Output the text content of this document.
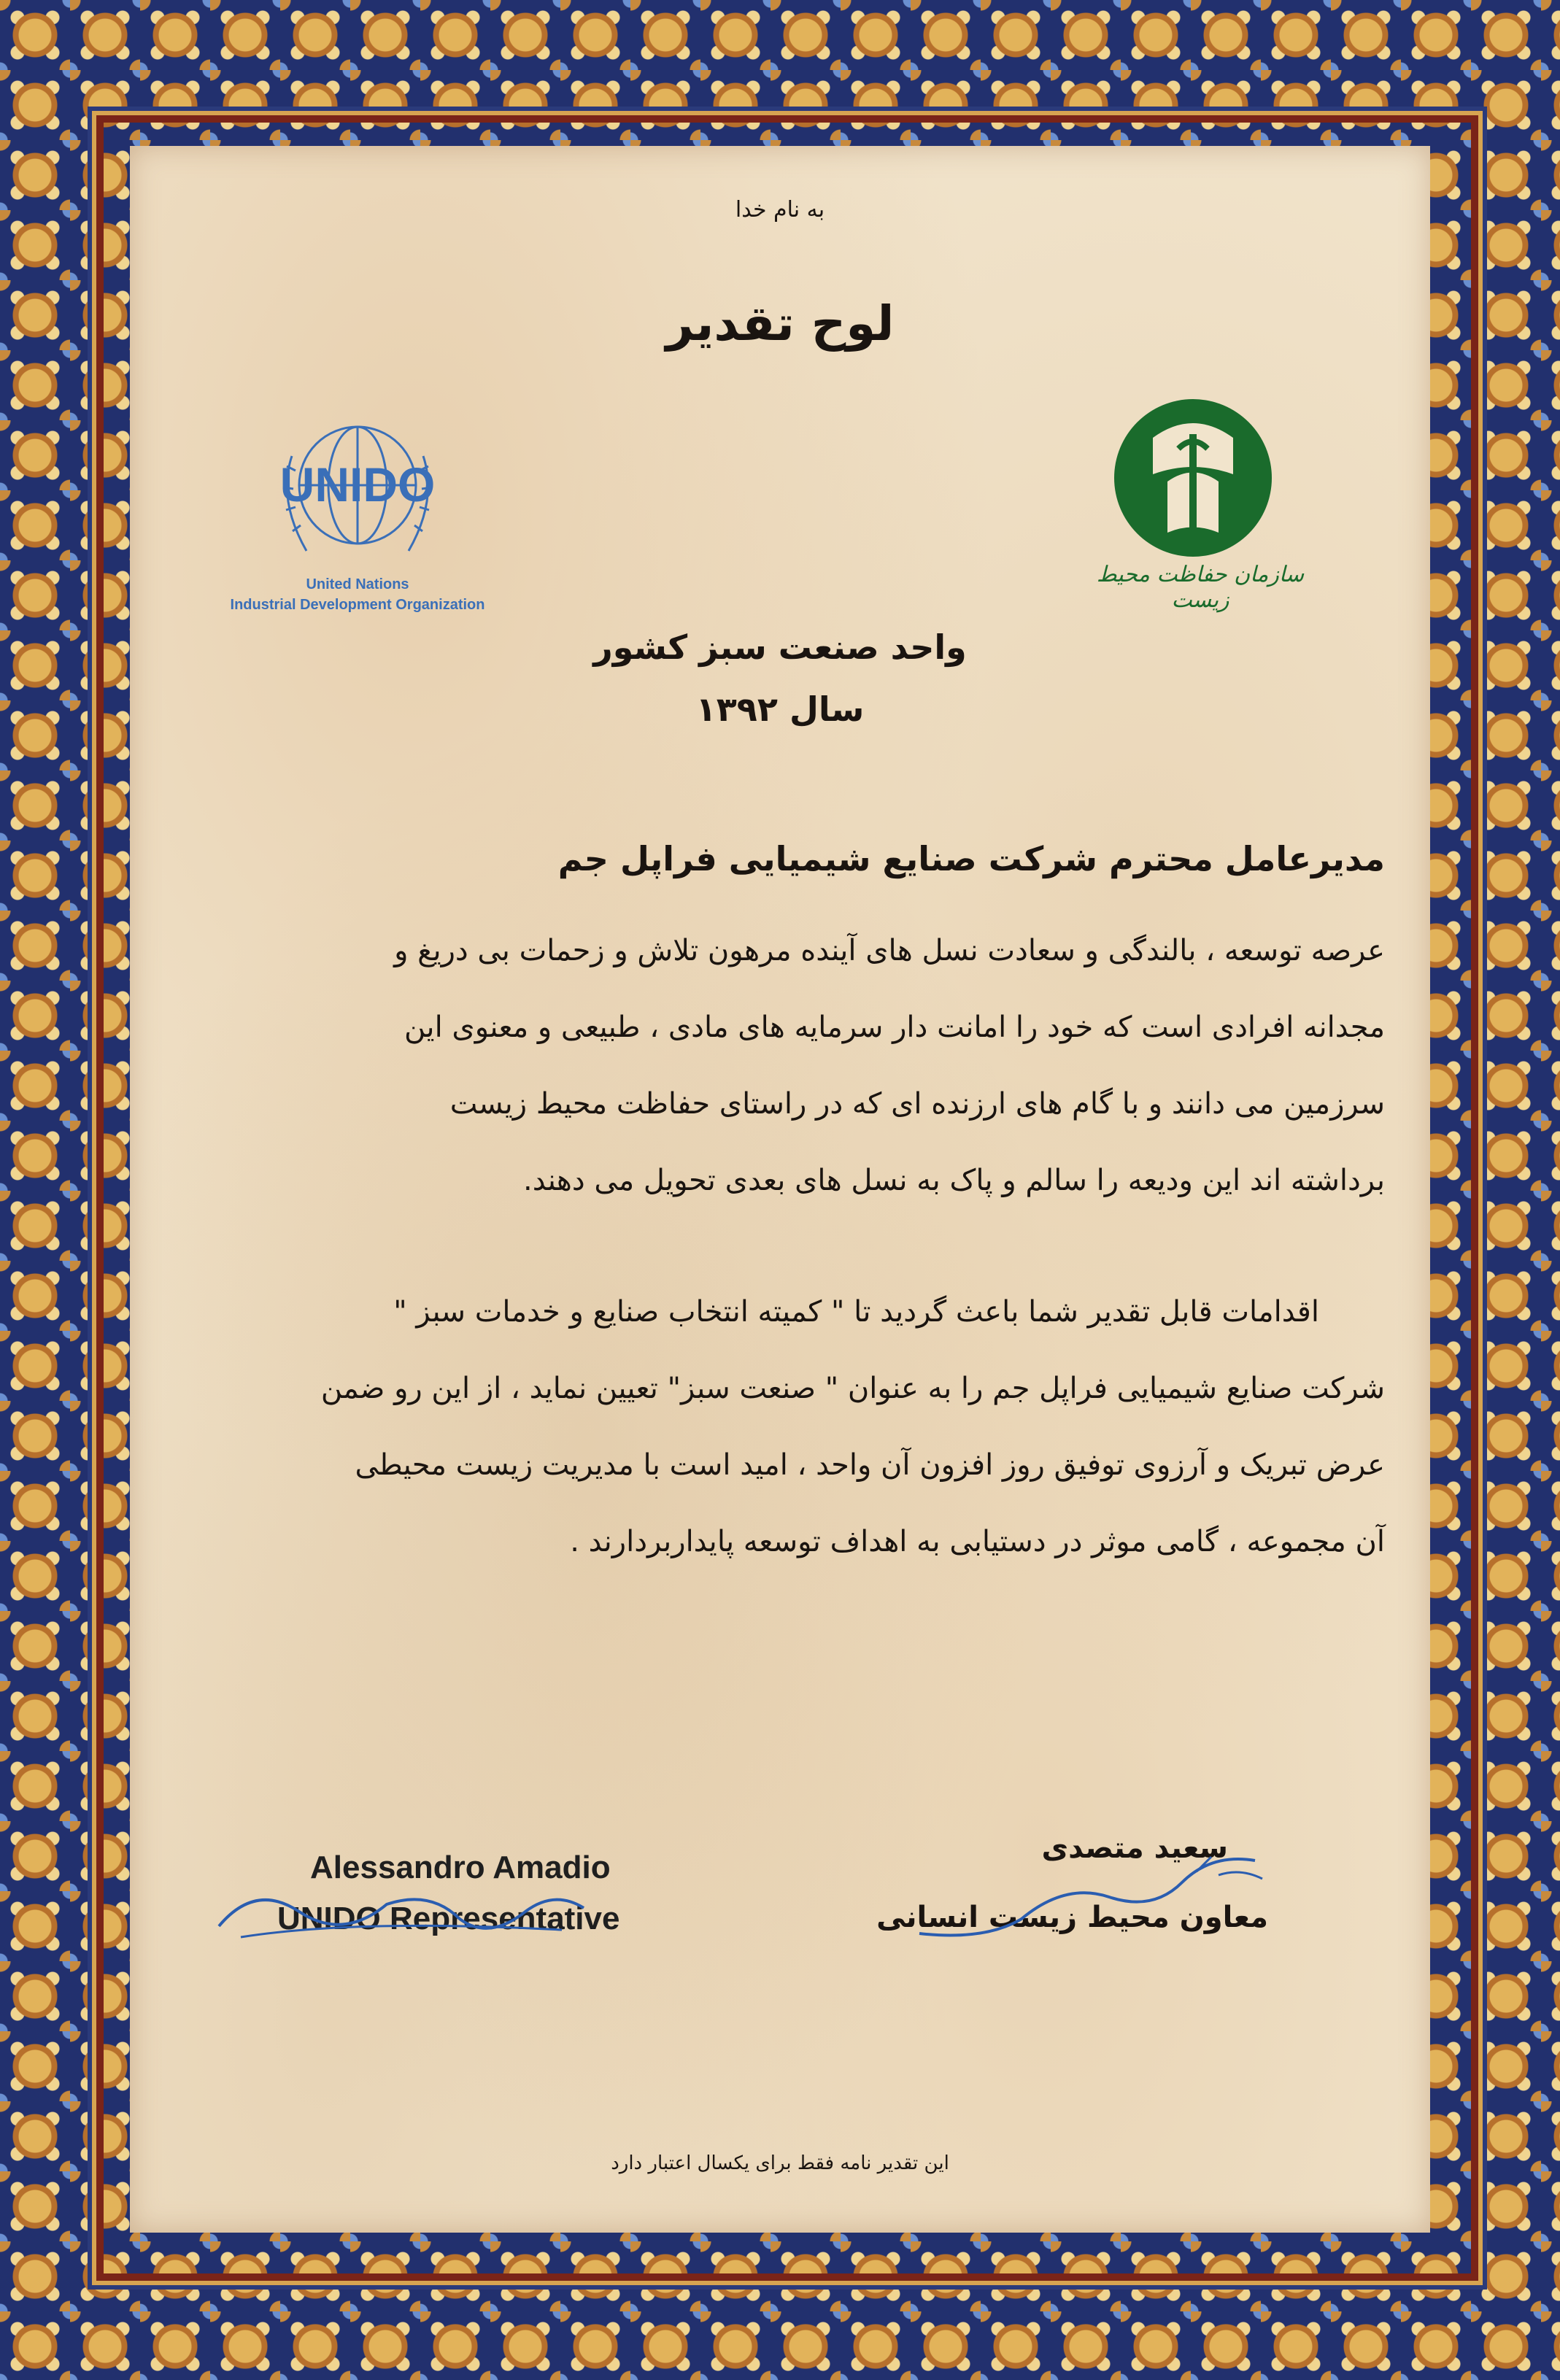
به نام خدا
لوح تقدیر
UNIDO
United Nations
Industrial Development Organization
سازمان حفاظت محیط زیست
واحد صنعت سبز کشور
سال ۱۳۹۲
مدیرعامل محترم شرکت صنایع شیمیایی فراپل جم
عرصه توسعه ، بالندگی و سعادت نسل های آینده مرهون تلاش و زحمات بی دریغ و
مجدانه افرادی است که خود را امانت دار سرمایه های مادی ، طبیعی و معنوی این
سرزمین می دانند و با گام های ارزنده ای که در راستای حفاظت محیط زیست
برداشته اند این ودیعه را سالم و پاک به نسل های بعدی تحویل می دهند.
اقدامات قابل تقدیر شما باعث گردید تا " کمیته انتخاب صنایع و خدمات سبز "
شرکت صنایع شیمیایی فراپل جم را به عنوان " صنعت سبز" تعیین نماید ، از این رو ضمن
عرض تبریک و آرزوی توفیق روز افزون آن واحد ، امید است با مدیریت زیست محیطی
آن مجموعه ، گامی موثر در دستیابی به اهداف توسعه پایداربردارند .
Alessandro Amadio
UNIDO Representative
سعید متصدی
معاون محیط زیست انسانی
این تقدیر نامه فقط برای یکسال اعتبار دارد
